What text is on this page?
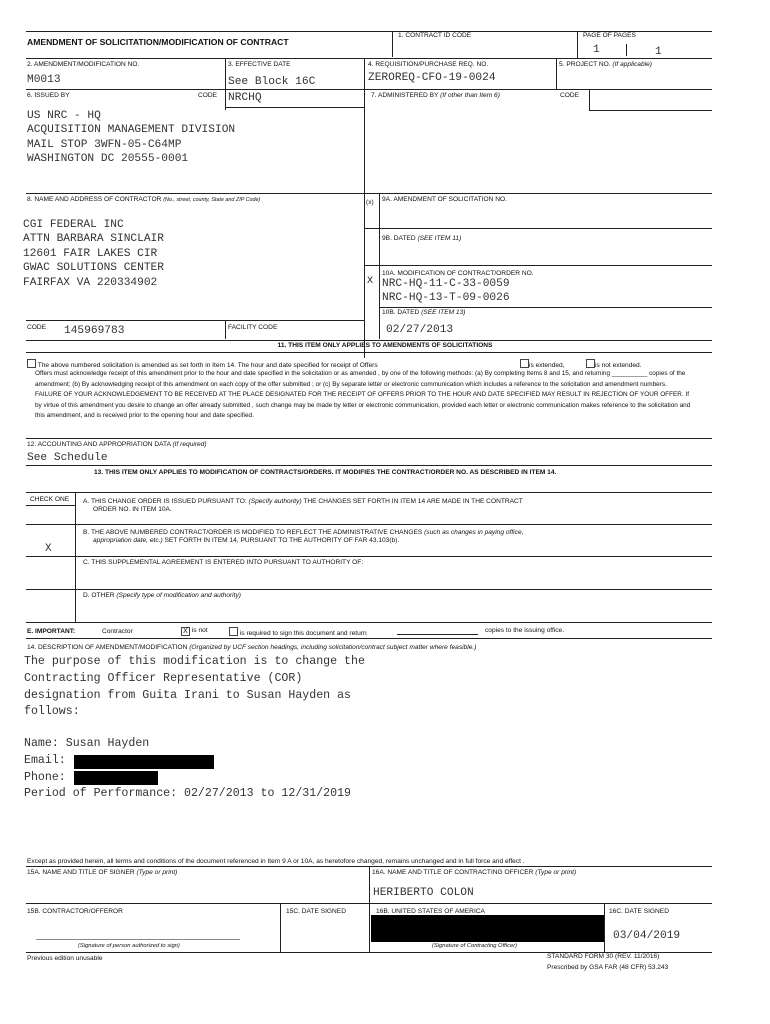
AMENDMENT OF SOLICITATION/MODIFICATION OF CONTRACT
1. CONTRACT ID CODE	PAGE OF PAGES
1	1
2. AMENDMENT/MODIFICATION NO.
M0013
3. EFFECTIVE DATE
See Block 16C
4. REQUISITION/PURCHASE REQ. NO.
ZEROREQ-CFO-19-0024
5. PROJECT NO. (If applicable)
6. ISSUED BY	CODE NRCHQ
US NRC - HQ
ACQUISITION MANAGEMENT DIVISION
MAIL STOP 3WFN-05-C64MP
WASHINGTON DC 20555-0001
7. ADMINISTERED BY (If other than Item 6)	CODE
8. NAME AND ADDRESS OF CONTRACTOR (No., street, county, State and ZIP Code)
CGI FEDERAL INC
ATTN BARBARA SINCLAIR
12601 FAIR LAKES CIR
GWAC SOLUTIONS CENTER
FAIRFAX VA 220334902
(x) 9A. AMENDMENT OF SOLICITATION NO.
9B. DATED (SEE ITEM 11)
X
10A. MODIFICATION OF CONTRACT/ORDER NO.
NRC-HQ-11-C-33-0059
NRC-HQ-13-T-09-0026
10B. DATED (SEE ITEM 13)
02/27/2013
CODE 145969783	FACILITY CODE
11. THIS ITEM ONLY APPLIES TO AMENDMENTS OF SOLICITATIONS
The above numbered solicitation is amended as set forth in Item 14. The hour and date specified for receipt of Offers	is extended,	is not extended.
Offers must acknowledge receipt of this amendment prior to the hour and date specified in the solicitation or as amended , by one of the following methods: (a) By completing Items 8 and 15, and returning __________ copies of the amendment; (b) By acknowledging receipt of this amendment on each copy of the offer submitted ; or (c) By separate letter or electronic communication which includes a reference to the solicitation and amendment numbers. FAILURE OF YOUR ACKNOWLEDGEMENT TO BE RECEIVED AT THE PLACE DESIGNATED FOR THE RECEIPT OF OFFERS PRIOR TO THE HOUR AND DATE SPECIFIED MAY RESULT IN REJECTION OF YOUR OFFER. If by virtue of this amendment you desire to change an offer already submitted , such change may be made by letter or electronic communication, provided each letter or electronic communication makes reference to the solicitation and this amendment, and is received prior to the opening hour and date specified.
12. ACCOUNTING AND APPROPRIATION DATA (If required)
See Schedule
13. THIS ITEM ONLY APPLIES TO MODIFICATION OF CONTRACTS/ORDERS. IT MODIFIES THE CONTRACT/ORDER NO. AS DESCRIBED IN ITEM 14.
CHECK ONE A. THIS CHANGE ORDER IS ISSUED PURSUANT TO: (Specify authority) THE CHANGES SET FORTH IN ITEM 14 ARE MADE IN THE CONTRACT
ORDER NO. IN ITEM 10A.
B. THE ABOVE NUMBERED CONTRACT/ORDER IS MODIFIED TO REFLECT THE ADMINISTRATIVE CHANGES (such as changes in paying office,
appropriation date, etc.) SET FORTH IN ITEM 14, PURSUANT TO THE AUTHORITY OF FAR 43.103(b).
X
C. THIS SUPPLEMENTAL AGREEMENT IS ENTERED INTO PURSUANT TO AUTHORITY OF:
D. OTHER (Specify type of modification and authority)
E. IMPORTANT:	Contractor	X is not	is required to sign this document and return	copies to the issuing office.
14. DESCRIPTION OF AMENDMENT/MODIFICATION (Organized by UCF section headings, including solicitation/contract subject matter where feasible.)
The purpose of this modification is to change the
Contracting Officer Representative (COR)
designation from Guita Irani to Susan Hayden as
follows:
Name: Susan Hayden
Email:
Phone:
Period of Performance: 02/27/2013 to 12/31/2019
Except as provided herein, all terms and conditions of the document referenced in Item 9 A or 10A, as heretofore changed, remains unchanged and in full force and effect .
15A. NAME AND TITLE OF SIGNER (Type or print)	16A. NAME AND TITLE OF CONTRACTING OFFICER (Type or print)
HERIBERTO COLON
15B. CONTRACTOR/OFFEROR	15C. DATE SIGNED	16B. UNITED STATES OF AMERICA	16C. DATE SIGNED
03/04/2019
(Signature of person authorized to sign)	(Signature of Contracting Officer)
Previous edition unusable	STANDARD FORM 30 (REV. 11/2016)
Prescribed by GSA FAR (48 CFR) 53.243
